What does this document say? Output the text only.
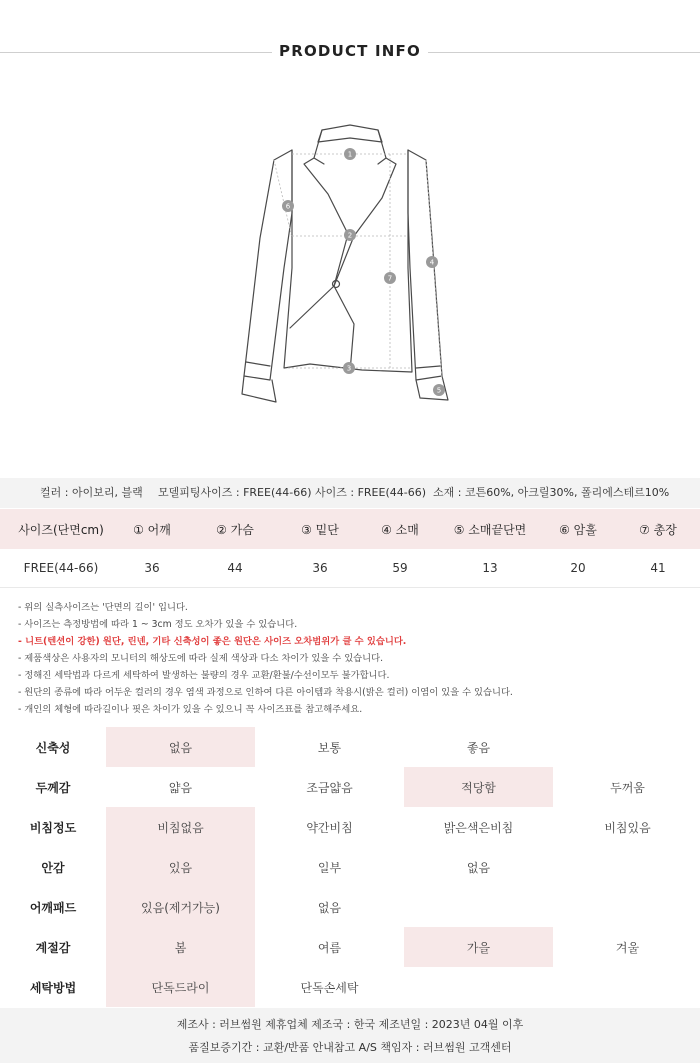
PRODUCT INFO
1
2
3
4
5
6
7
컬러 : 아이보리, 블랙 모델피팅사이즈 : FREE(44-66) 사이즈 : FREE(44-66) 소재 : 코튼60%, 아크릴30%, 폴리에스테르10%
사이즈(단면cm)	① 어깨	② 가슴	③ 밑단	④ 소매	⑤ 소매끝단면	⑥ 암홀	⑦ 총장
FREE(44-66)	36	44	36	59	13	20	41
- 위의 실측사이즈는 '단면의 길이' 입니다.
- 사이즈는 측정방법에 따라 1 ~ 3cm 정도 오차가 있을 수 있습니다.
- 니트(텐션이 강한) 원단, 린넨, 기타 신축성이 좋은 원단은 사이즈 오차범위가 클 수 있습니다.
- 제품색상은 사용자의 모니터의 해상도에 따라 실제 색상과 다소 차이가 있을 수 있습니다.
- 정해진 세탁법과 다르게 세탁하여 발생하는 불량의 경우 교환/환불/수선이모두 불가합니다.
- 원단의 종류에 따라 어두운 컬러의 경우 염색 과정으로 인하여 다른 아이템과 착용시(밝은 컬러) 이염이 있을 수 있습니다.
- 개인의 체형에 따라길이나 핏은 차이가 있을 수 있으니 꼭 사이즈표를 참고해주세요.
신축성	없음	보통	좋음
두께감	얇음	조금얇음	적당함	두꺼움
비침정도	비침없음	약간비침	밝은색은비침	비침있음
안감	있음	일부	없음
어깨패드	있음(제거가능)	없음
계절감	봄	여름	가을	겨울
세탁방법	단독드라이	단독손세탁
제조사 : 러브썸원 제휴업체 제조국 : 한국 제조년일 : 2023년 04월 이후
품질보증기간 : 교환/반품 안내참고 A/S 책임자 : 러브썸원 고객센터
